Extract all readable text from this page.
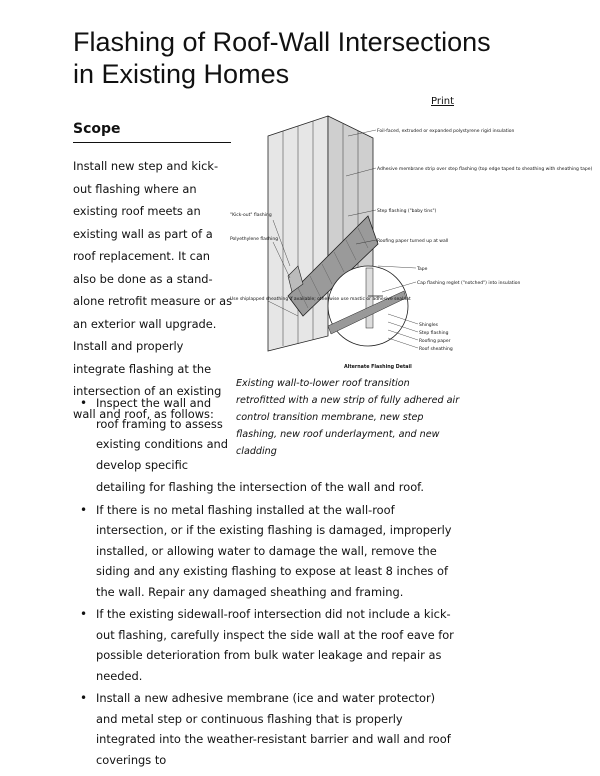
Flashing of Roof-Wall Intersections in Existing Homes
Print
Scope

Install new step and kick-out flashing where an existing roof meets an existing wall as part of a roof replacement. It can also be done as a stand-alone retrofit measure or as an exterior wall upgrade. Install and properly integrate flashing at the intersection of an existing wall and roof, as follows:

Foil-faced, extruded or expanded polystyrene rigid insulation
Adhesive membrane strip over step flashing (top edge taped to sheathing with sheathing tape)
Step flashing ("baby tins")
Roofing paper turned up at wall
"Kick-out" flashing
Polyethylene flashing
Tape
Cap flashing reglet ("notched") into insulation
Use shiplapped sheathing if available; otherwise use mastic or adhesive sealant
Shingles
Step flashing
Roofing paper
Roof sheathing
Alternate Flashing Detail

Existing wall-to-lower roof transition retrofitted with a new strip of fully adhered air control transition membrane, new step flashing, new roof underlayment, and new cladding

• Inspect the wall and roof framing to assess existing conditions and develop specific
detailing for flashing the intersection of the wall and roof.
• If there is no metal flashing installed at the wall-roof intersection, or if the existing flashing is damaged, improperly installed, or allowing water to damage the wall, remove the siding and any existing flashing to expose at least 8 inches of the wall. Repair any damaged sheathing and framing.
• If the existing sidewall-roof intersection did not include a kick-out flashing, carefully inspect the side wall at the roof eave for possible deterioration from bulk water leakage and repair as needed.
• Install a new adhesive membrane (ice and water protector) and metal step or continuous flashing that is properly integrated into the weather-resistant barrier and wall and roof coverings to
